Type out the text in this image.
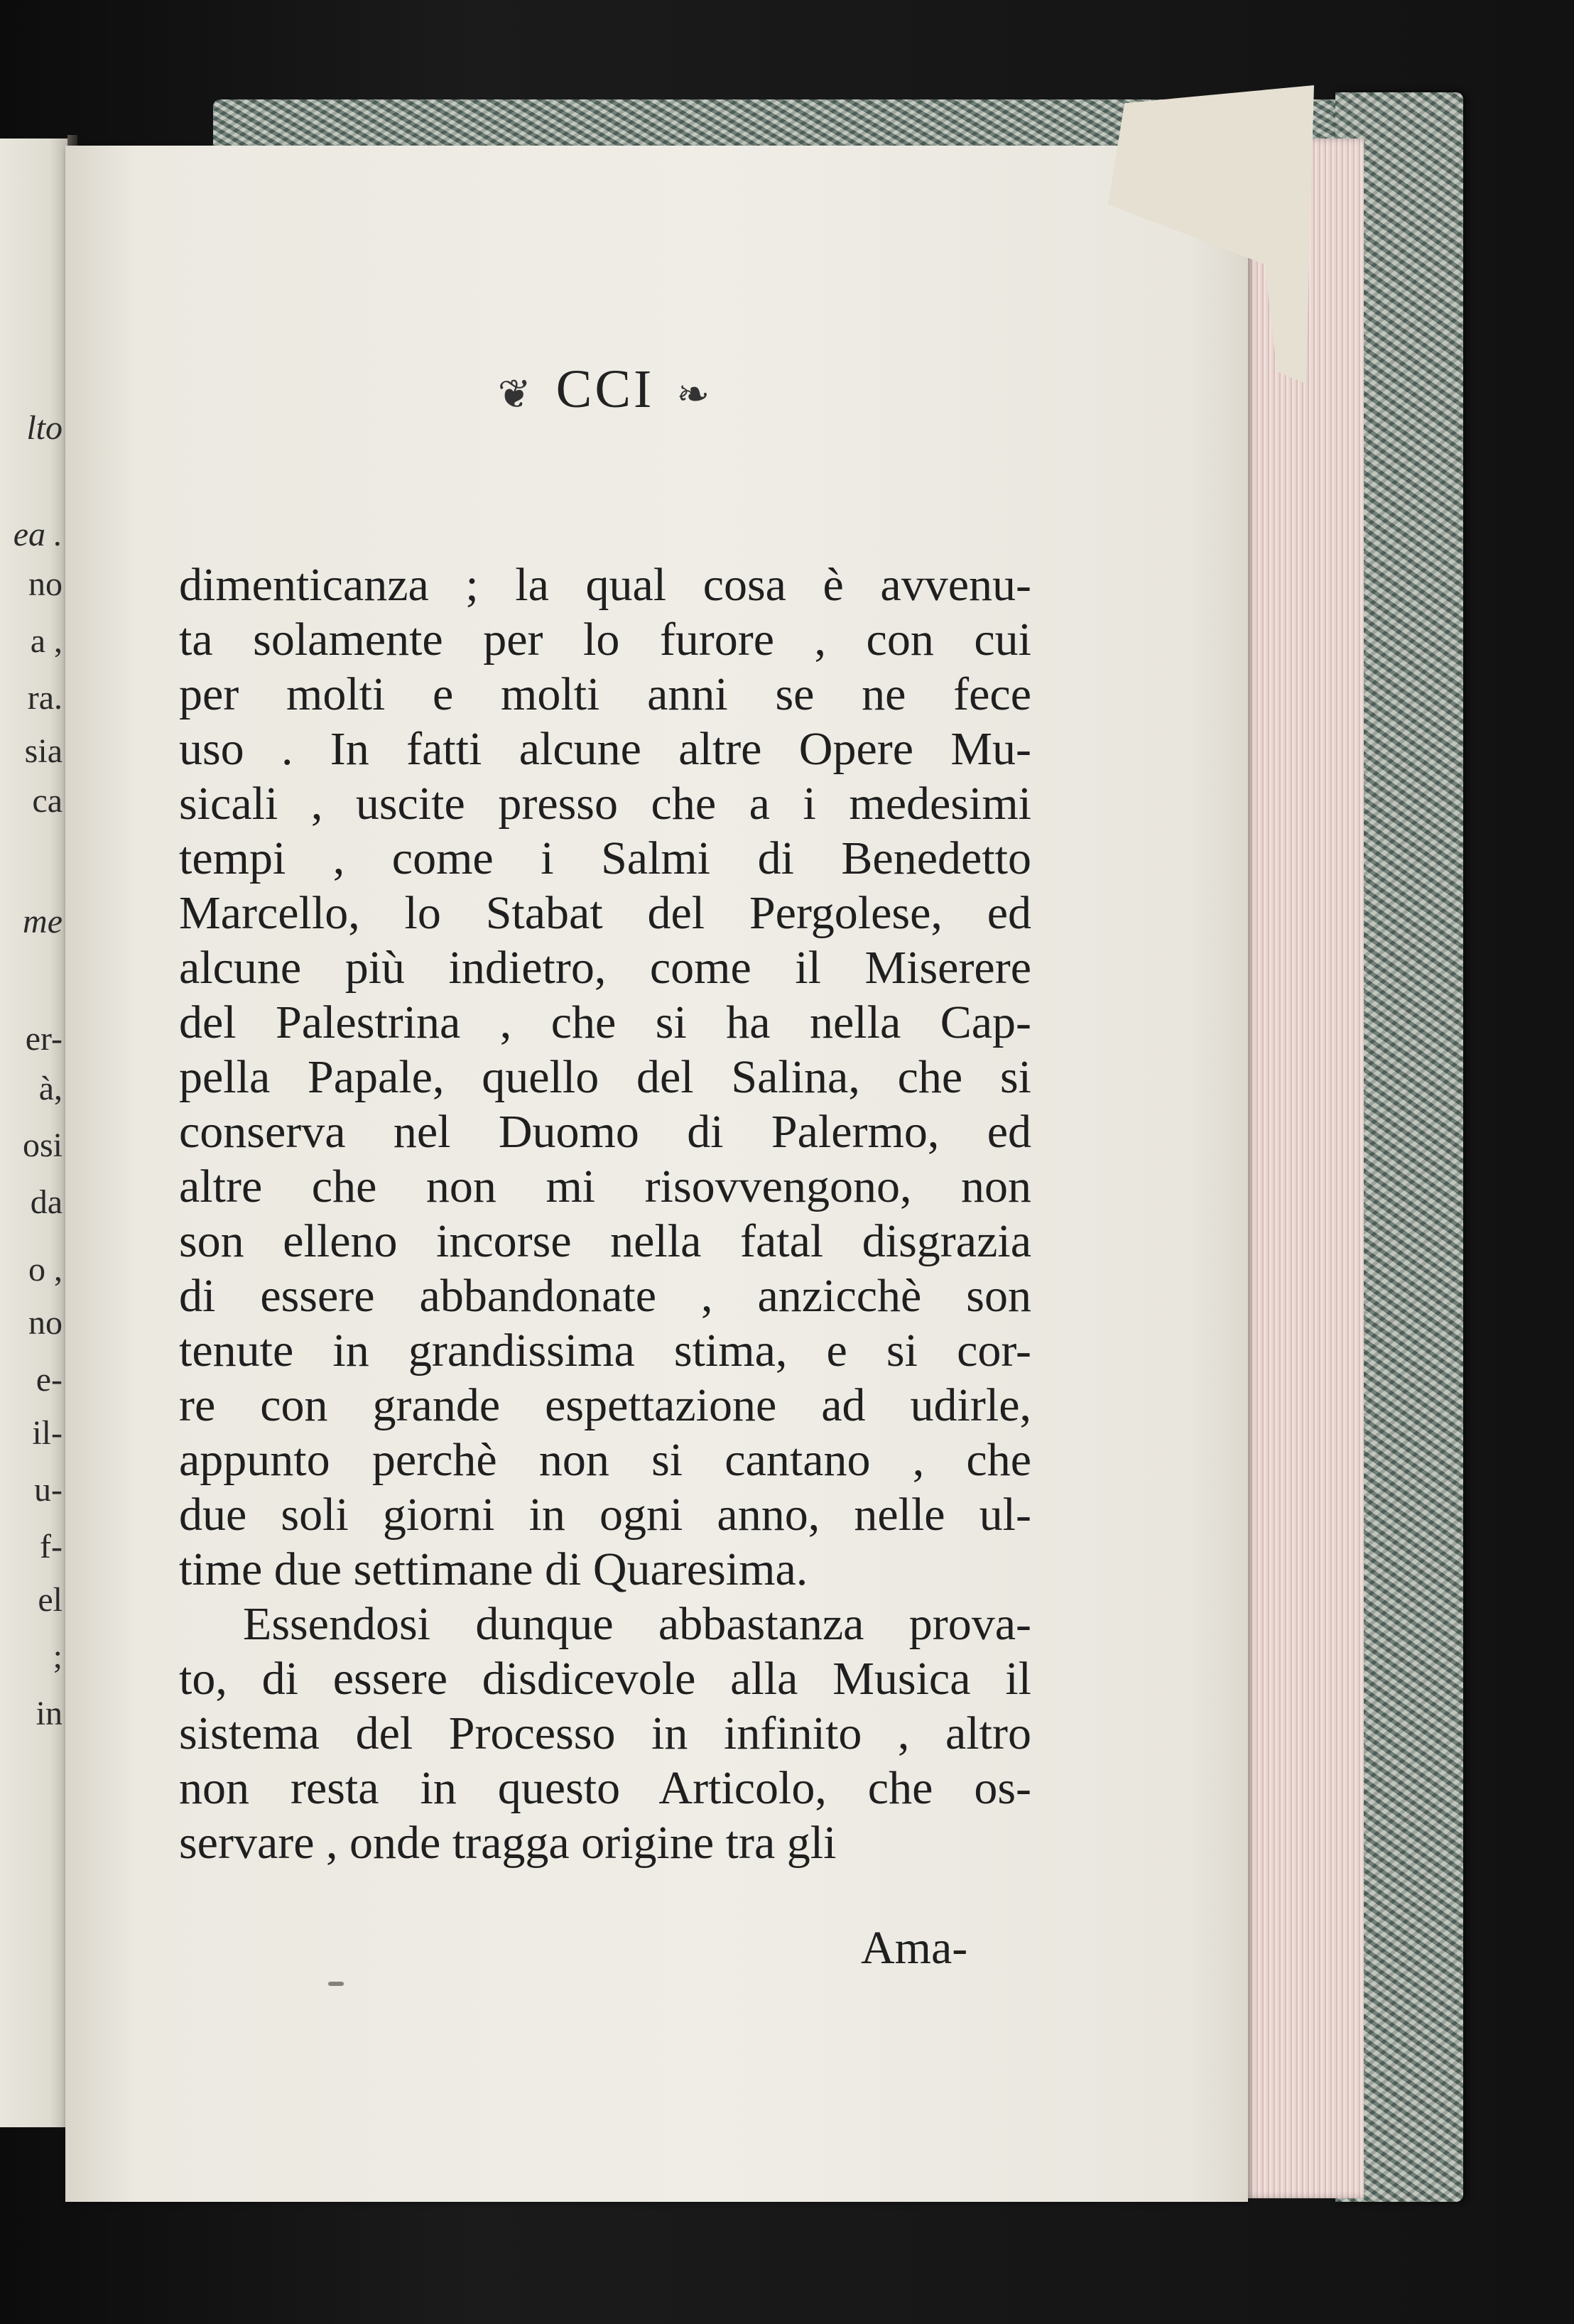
lto
ea .
no
a ,
ra.
sia
ca
me
er-
à,
osi
da
o ,
no
e-
il-
u-
f-
el
;
in
❦ CCI ❧
dimenticanza ; la qual cosa è avvenu-
ta solamente per lo furore , con cui
per molti e molti anni se ne fece
uso . In fatti alcune altre Opere Mu-
sicali , uscite presso che a i medesimi
tempi , come i Salmi di Benedetto
Marcello, lo Stabat del Pergolese, ed
alcune più indietro, come il Miserere
del Palestrina , che si ha nella Cap-
pella Papale, quello del Salina, che si
conserva nel Duomo di Palermo, ed
altre che non mi risovvengono, non
son elleno incorse nella fatal disgrazia
di essere abbandonate , anzicchè son
tenute in grandissima stima, e si cor-
re con grande espettazione ad udirle,
appunto perchè non si cantano , che
due soli giorni in ogni anno, nelle ul-
time due settimane di Quaresima.
Essendosi dunque abbastanza prova-
to, di essere disdicevole alla Musica il
sistema del Processo in infinito , altro
non resta in questo Articolo, che os-
servare , onde tragga origine tra gli
Ama-
